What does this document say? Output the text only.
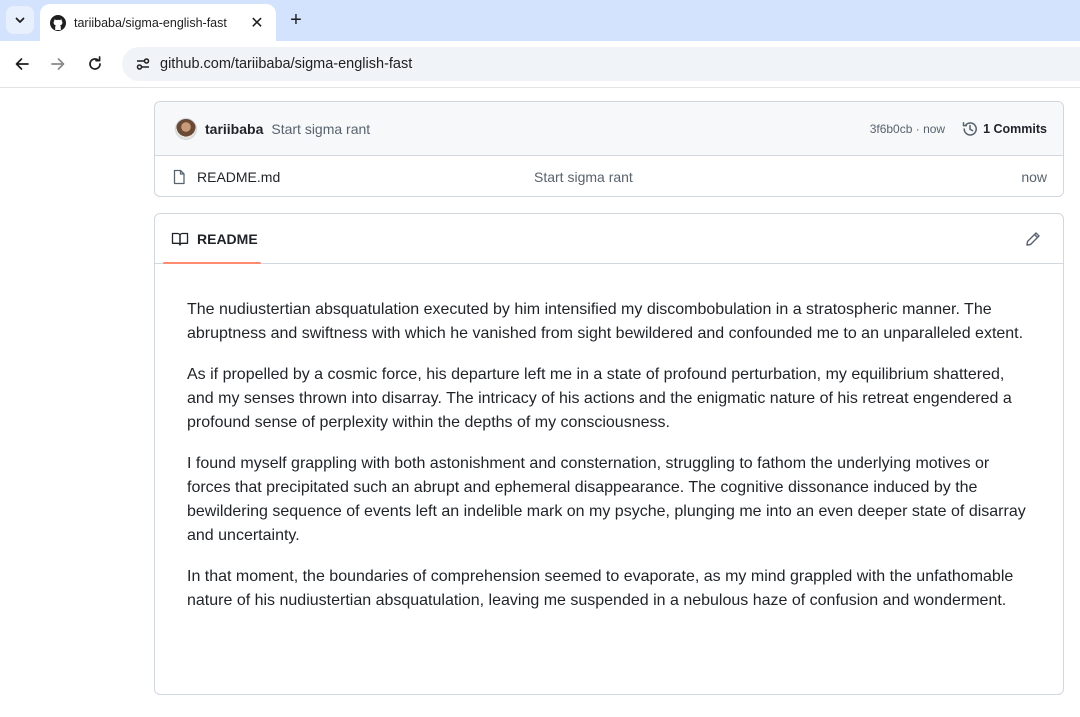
tariibaba/sigma-english-fast	✕	+
github.com/tariibaba/sigma-english-fast
tariibaba Start sigma rant	3f6b0cb · now	1 Commits
README.md	Start sigma rant	now
README

The nudiustertian absquatulation executed by him intensified my discombobulation in a stratospheric manner. The abruptness and swiftness with which he vanished from sight bewildered and confounded me to an unparalleled extent.

As if propelled by a cosmic force, his departure left me in a state of profound perturbation, my equilibrium shattered, and my senses thrown into disarray. The intricacy of his actions and the enigmatic nature of his retreat engendered a profound sense of perplexity within the depths of my consciousness.

I found myself grappling with both astonishment and consternation, struggling to fathom the underlying motives or forces that precipitated such an abrupt and ephemeral disappearance. The cognitive dissonance induced by the bewildering sequence of events left an indelible mark on my psyche, plunging me into an even deeper state of disarray and uncertainty.

In that moment, the boundaries of comprehension seemed to evaporate, as my mind grappled with the unfathomable nature of his nudiustertian absquatulation, leaving me suspended in a nebulous haze of confusion and wonderment.
